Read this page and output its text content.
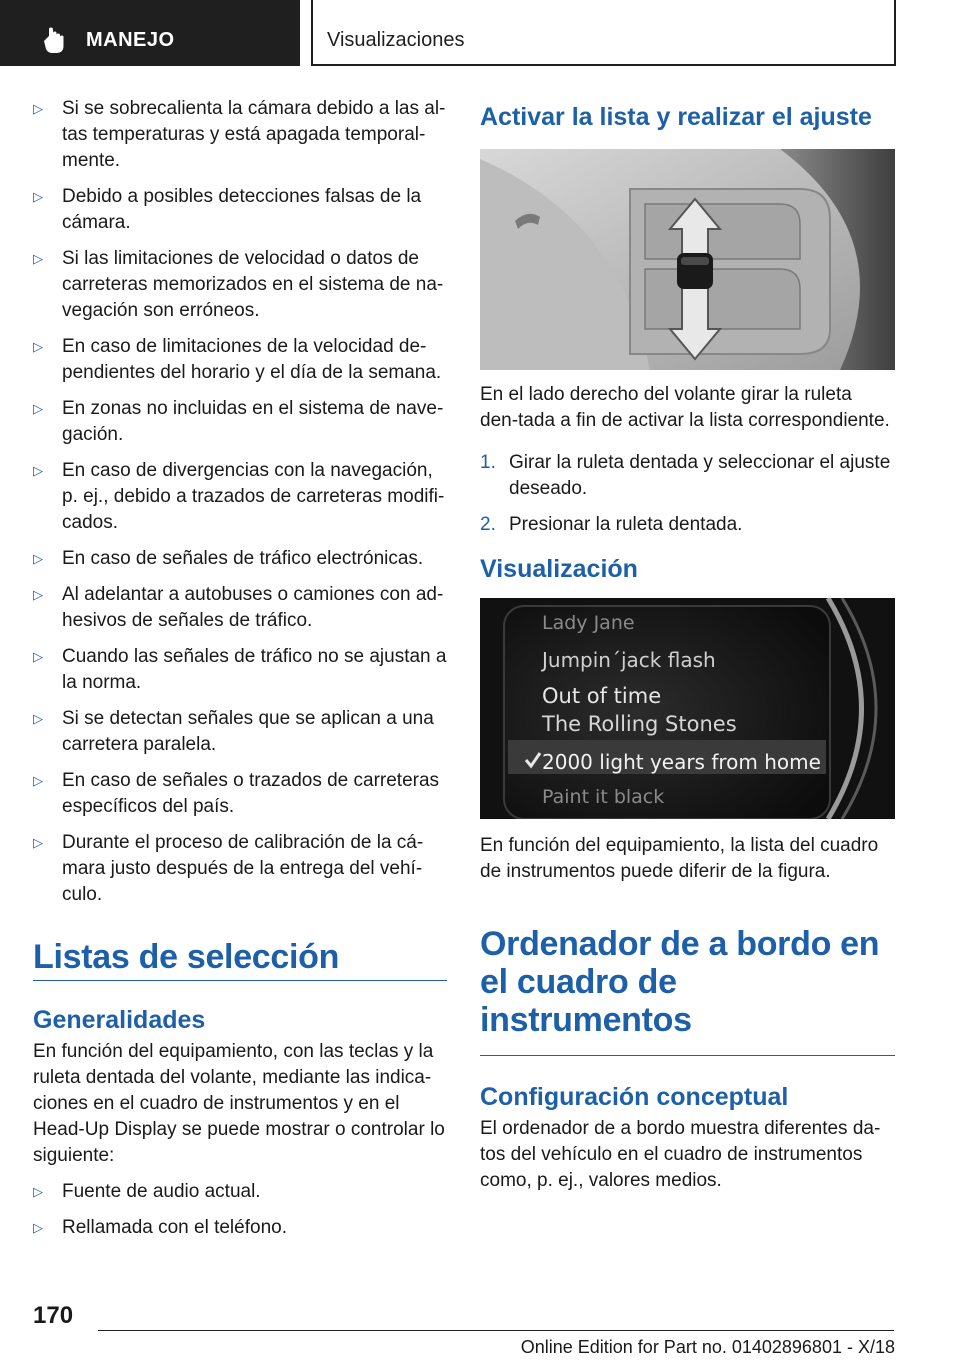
MANEJO	Visualizaciones
▷ Si se sobrecalienta la cámara debido a las al-tas temperaturas y está apagada temporal-mente.
▷ Debido a posibles detecciones falsas de la cámara.
▷ Si las limitaciones de velocidad o datos de carreteras memorizados en el sistema de na-vegación son erróneos.
▷ En caso de limitaciones de la velocidad de-pendientes del horario y el día de la semana.
▷ En zonas no incluidas en el sistema de nave-gación.
▷ En caso de divergencias con la navegación, p. ej., debido a trazados de carreteras modifi-cados.
▷ En caso de señales de tráfico electrónicas.
▷ Al adelantar a autobuses o camiones con ad-hesivos de señales de tráfico.
▷ Cuando las señales de tráfico no se ajustan a la norma.
▷ Si se detectan señales que se aplican a una carretera paralela.
▷ En caso de señales o trazados de carreteras específicos del país.
▷ Durante el proceso de calibración de la cá-mara justo después de la entrega del vehí-culo.
Listas de selección
Generalidades
En función del equipamiento, con las teclas y la ruleta dentada del volante, mediante las indica-ciones en el cuadro de instrumentos y en el Head-Up Display se puede mostrar o controlar lo siguiente:
▷ Fuente de audio actual.
▷ Rellamada con el teléfono.
Activar la lista y realizar el ajuste
En el lado derecho del volante girar la ruleta den-tada a fin de activar la lista correspondiente.
1. Girar la ruleta dentada y seleccionar el ajuste deseado.
2. Presionar la ruleta dentada.
Visualización
Lady Jane
Jumpin´jack flash
Out of time
The Rolling Stones
2000 light years from home
Paint it black
En función del equipamiento, la lista del cuadro de instrumentos puede diferir de la figura.
Ordenador de a bordo en el cuadro de instrumentos
Configuración conceptual
El ordenador de a bordo muestra diferentes da-tos del vehículo en el cuadro de instrumentos como, p. ej., valores medios.
170
Online Edition for Part no. 01402896801 - X/18
